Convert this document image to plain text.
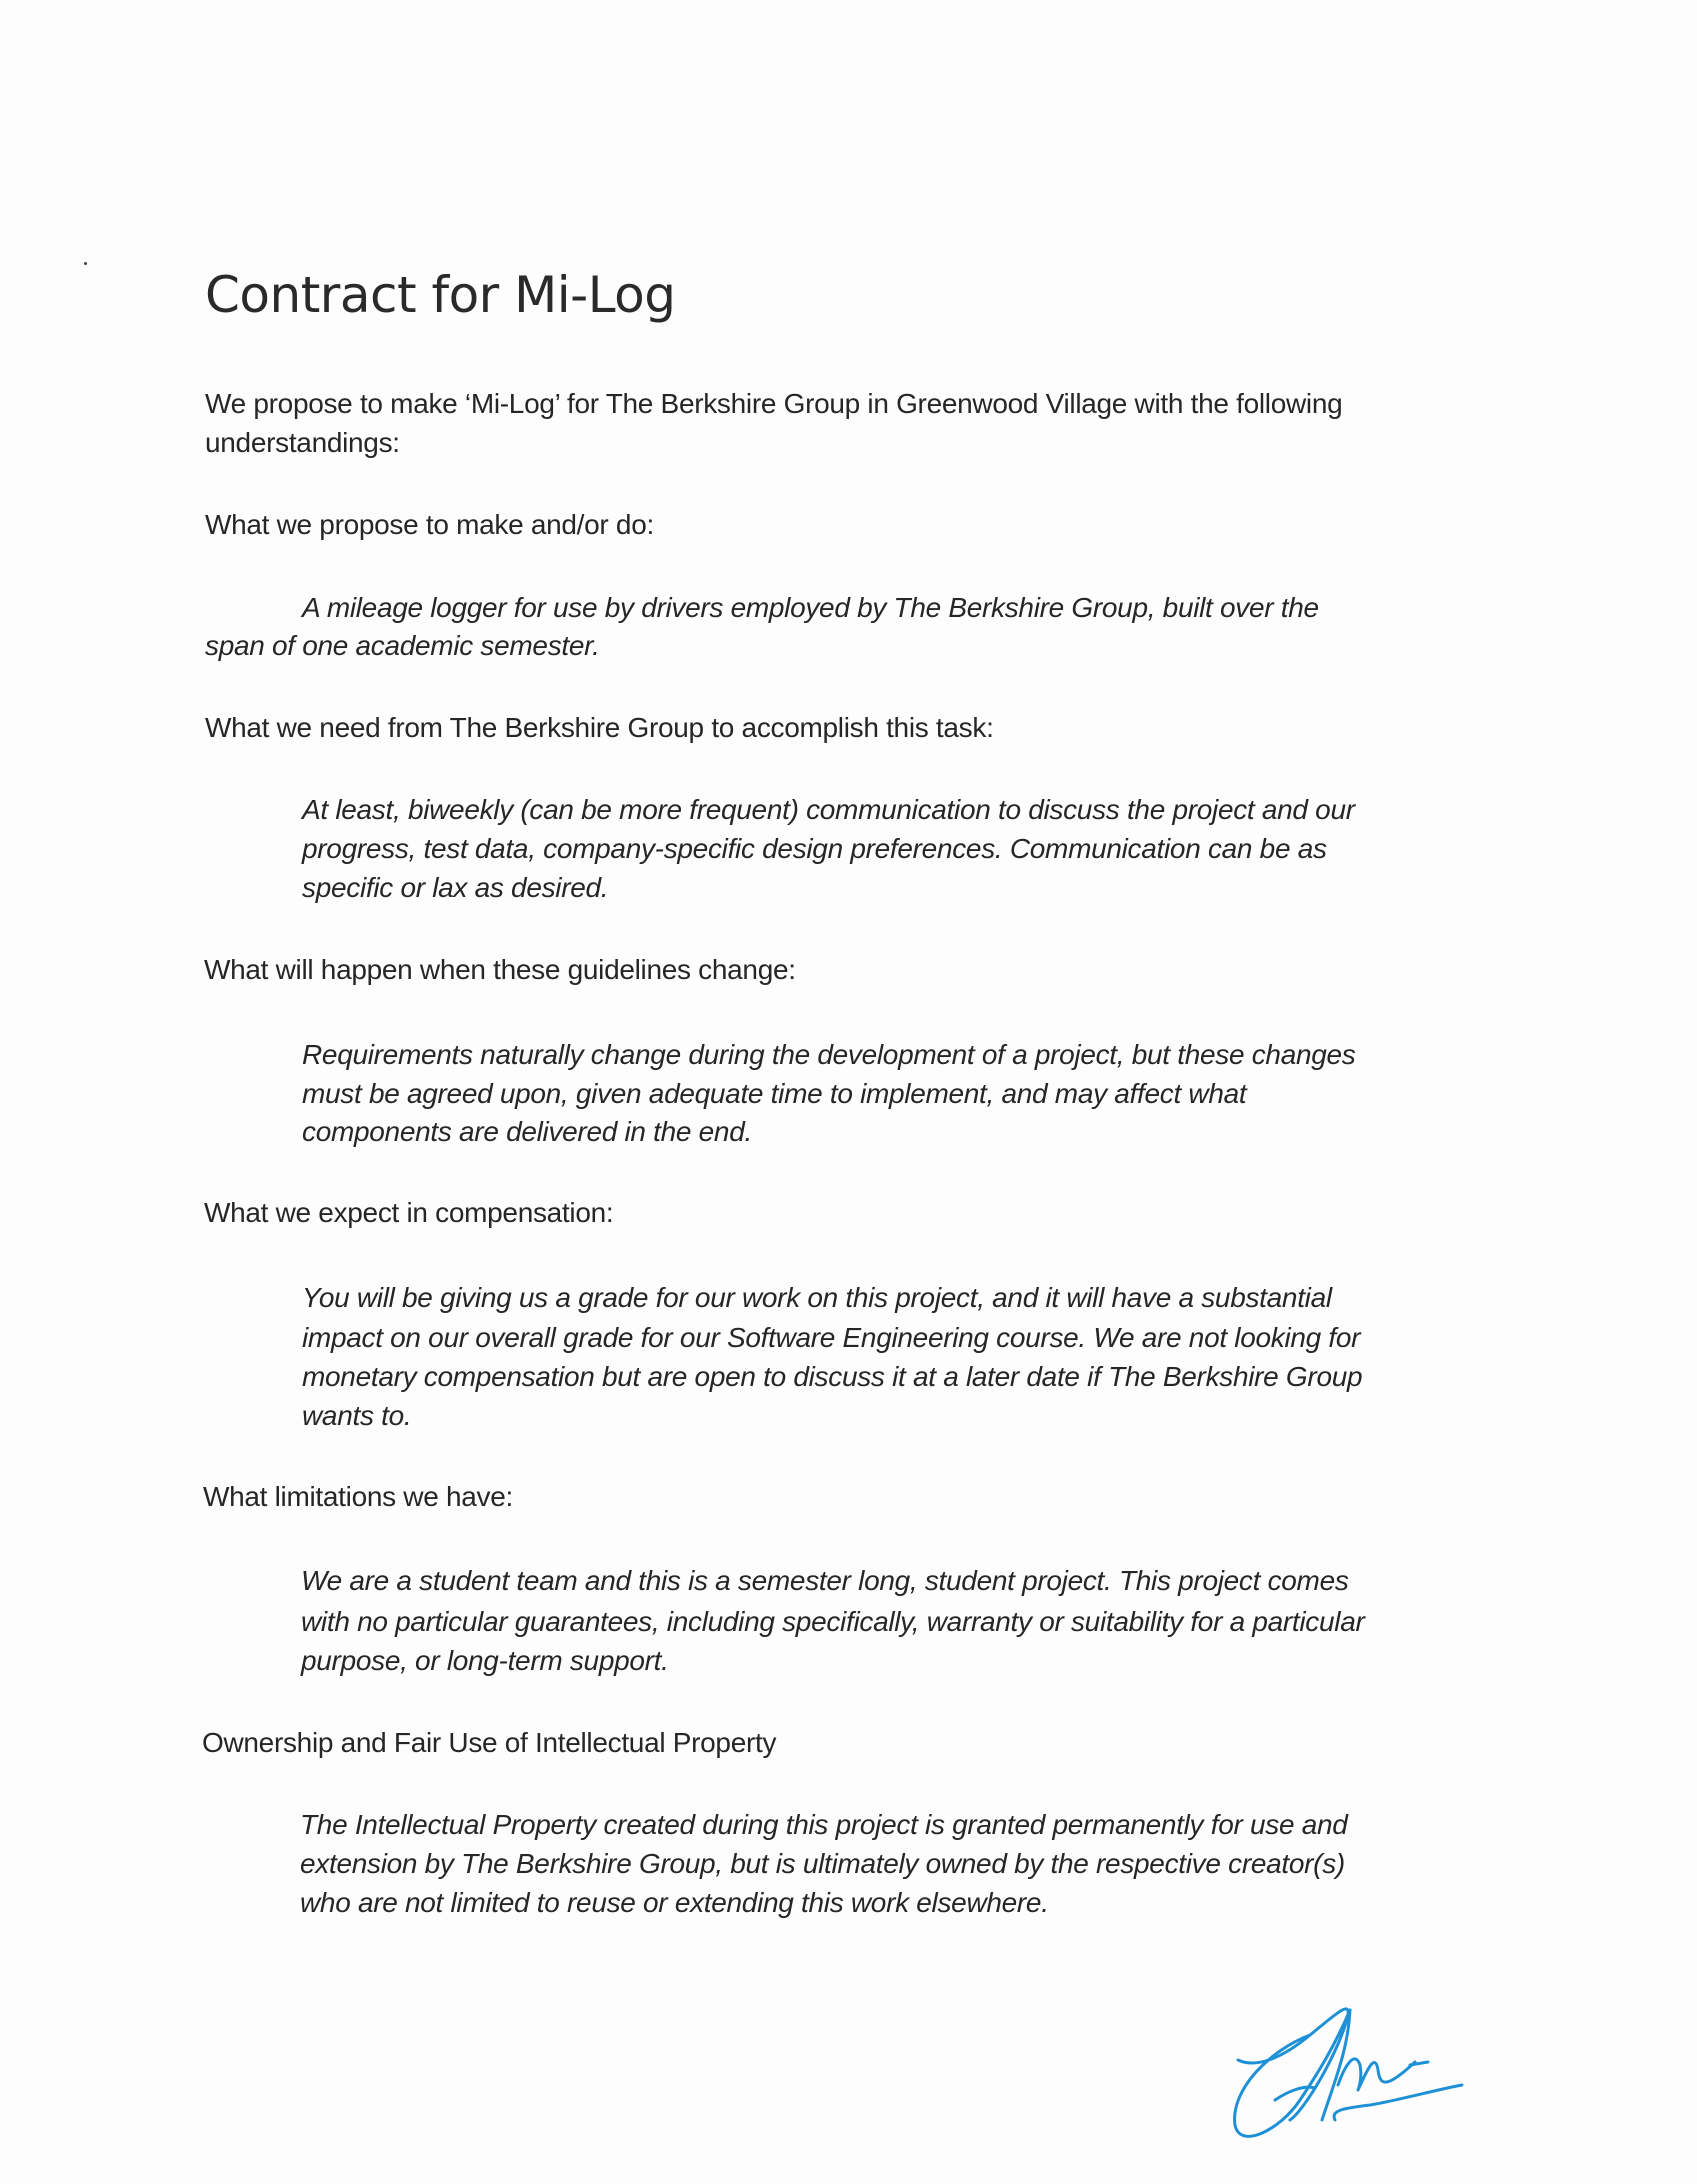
Contract for Mi-Log
We propose to make ‘Mi-Log’ for The Berkshire Group in Greenwood Village with the following
understandings:
What we propose to make and/or do:
A mileage logger for use by drivers employed by The Berkshire Group, built over the
span of one academic semester.
What we need from The Berkshire Group to accomplish this task:
At least, biweekly (can be more frequent) communication to discuss the project and our
progress, test data, company-specific design preferences. Communication can be as
specific or lax as desired.
What will happen when these guidelines change:
Requirements naturally change during the development of a project, but these changes
must be agreed upon, given adequate time to implement, and may affect what
components are delivered in the end.
What we expect in compensation:
You will be giving us a grade for our work on this project, and it will have a substantial
impact on our overall grade for our Software Engineering course. We are not looking for
monetary compensation but are open to discuss it at a later date if The Berkshire Group
wants to.
What limitations we have:
We are a student team and this is a semester long, student project. This project comes
with no particular guarantees, including specifically, warranty or suitability for a particular
purpose, or long-term support.
Ownership and Fair Use of Intellectual Property
The Intellectual Property created during this project is granted permanently for use and
extension by The Berkshire Group, but is ultimately owned by the respective creator(s)
who are not limited to reuse or extending this work elsewhere.
